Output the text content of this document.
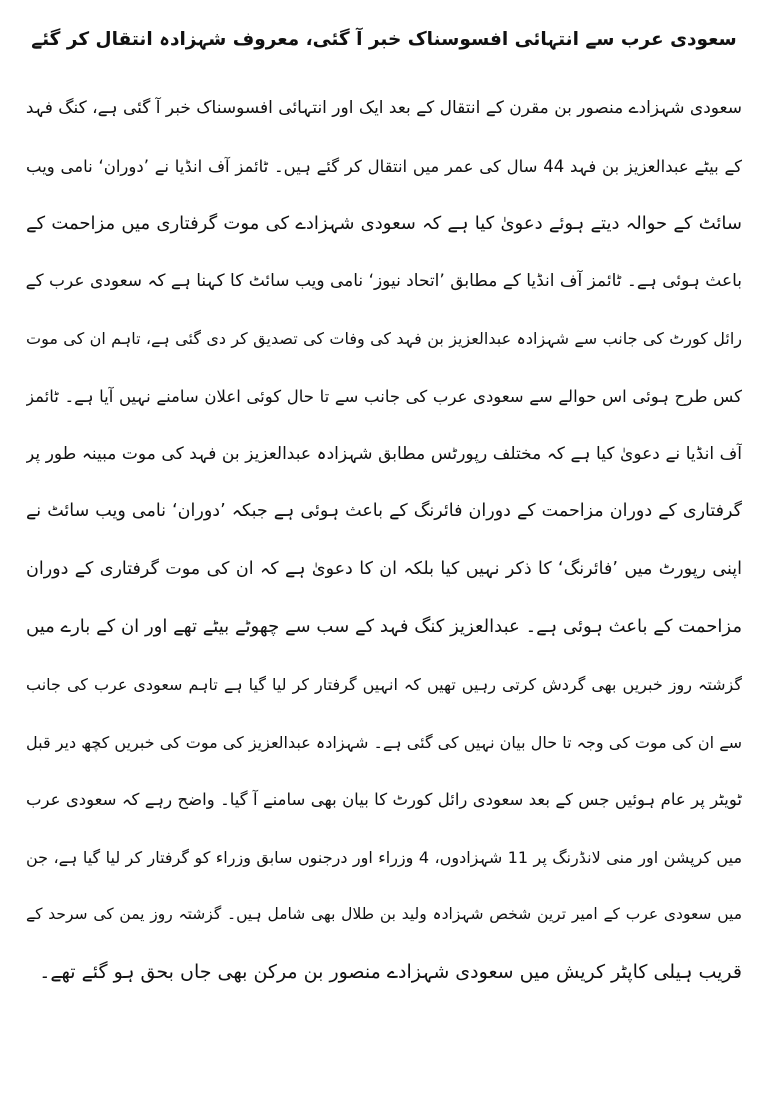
سعودی عرب سے انتہائی افسوسناک خبر آ گئی، معروف شہزادہ انتقال کر گئے
سعودی شہزادے منصور بن مقرن کے انتقال کے بعد ایک اور انتہائی افسوسناک خبر آ گئی ہے، کنگ فہد
کے بیٹے عبدالعزیز بن فہد 44 سال کی عمر میں انتقال کر گئے ہیں۔ ٹائمز آف انڈیا نے ’دوران‘ نامی ویب
سائٹ کے حوالہ دیتے ہوئے دعویٰ کیا ہے کہ سعودی شہزادے کی موت گرفتاری میں مزاحمت کے
باعث ہوئی ہے۔ ٹائمز آف انڈیا کے مطابق ’اتحاد نیوز‘ نامی ویب سائٹ کا کہنا ہے کہ سعودی عرب کے
رائل کورٹ کی جانب سے شہزادہ عبدالعزیز بن فہد کی وفات کی تصدیق کر دی گئی ہے، تاہم ان کی موت
کس طرح ہوئی اس حوالے سے سعودی عرب کی جانب سے تا حال کوئی اعلان سامنے نہیں آیا ہے۔ ٹائمز
آف انڈیا نے دعویٰ کیا ہے کہ مختلف رپورٹس مطابق شہزادہ عبدالعزیز بن فہد کی موت مبینہ طور پر
گرفتاری کے دوران مزاحمت کے دوران فائرنگ کے باعث ہوئی ہے جبکہ ’دوران‘ نامی ویب سائٹ نے
اپنی رپورٹ میں ’فائرنگ‘ کا ذکر نہیں کیا بلکہ ان کا دعویٰ ہے کہ ان کی موت گرفتاری کے دوران
مزاحمت کے باعث ہوئی ہے۔ عبدالعزیز کنگ فہد کے سب سے چھوٹے بیٹے تھے اور ان کے بارے میں
گزشتہ روز خبریں بھی گردش کرتی رہیں تھیں کہ انہیں گرفتار کر لیا گیا ہے تاہم سعودی عرب کی جانب
سے ان کی موت کی وجہ تا حال بیان نہیں کی گئی ہے۔ شہزادہ عبدالعزیز کی موت کی خبریں کچھ دیر قبل
ٹویٹر پر عام ہوئیں جس کے بعد سعودی رائل کورٹ کا بیان بھی سامنے آ گیا۔ واضح رہے کہ سعودی عرب
میں کرپشن اور منی لانڈرنگ پر 11 شہزادوں، 4 وزراء اور درجنوں سابق وزراء کو گرفتار کر لیا گیا ہے، جن
میں سعودی عرب کے امیر ترین شخص شہزادہ ولید بن طلال بھی شامل ہیں۔ گزشتہ روز یمن کی سرحد کے
قریب ہیلی کاپٹر کریش میں سعودی شہزادے منصور بن مرکن بھی جاں بحق ہو گئے تھے۔
